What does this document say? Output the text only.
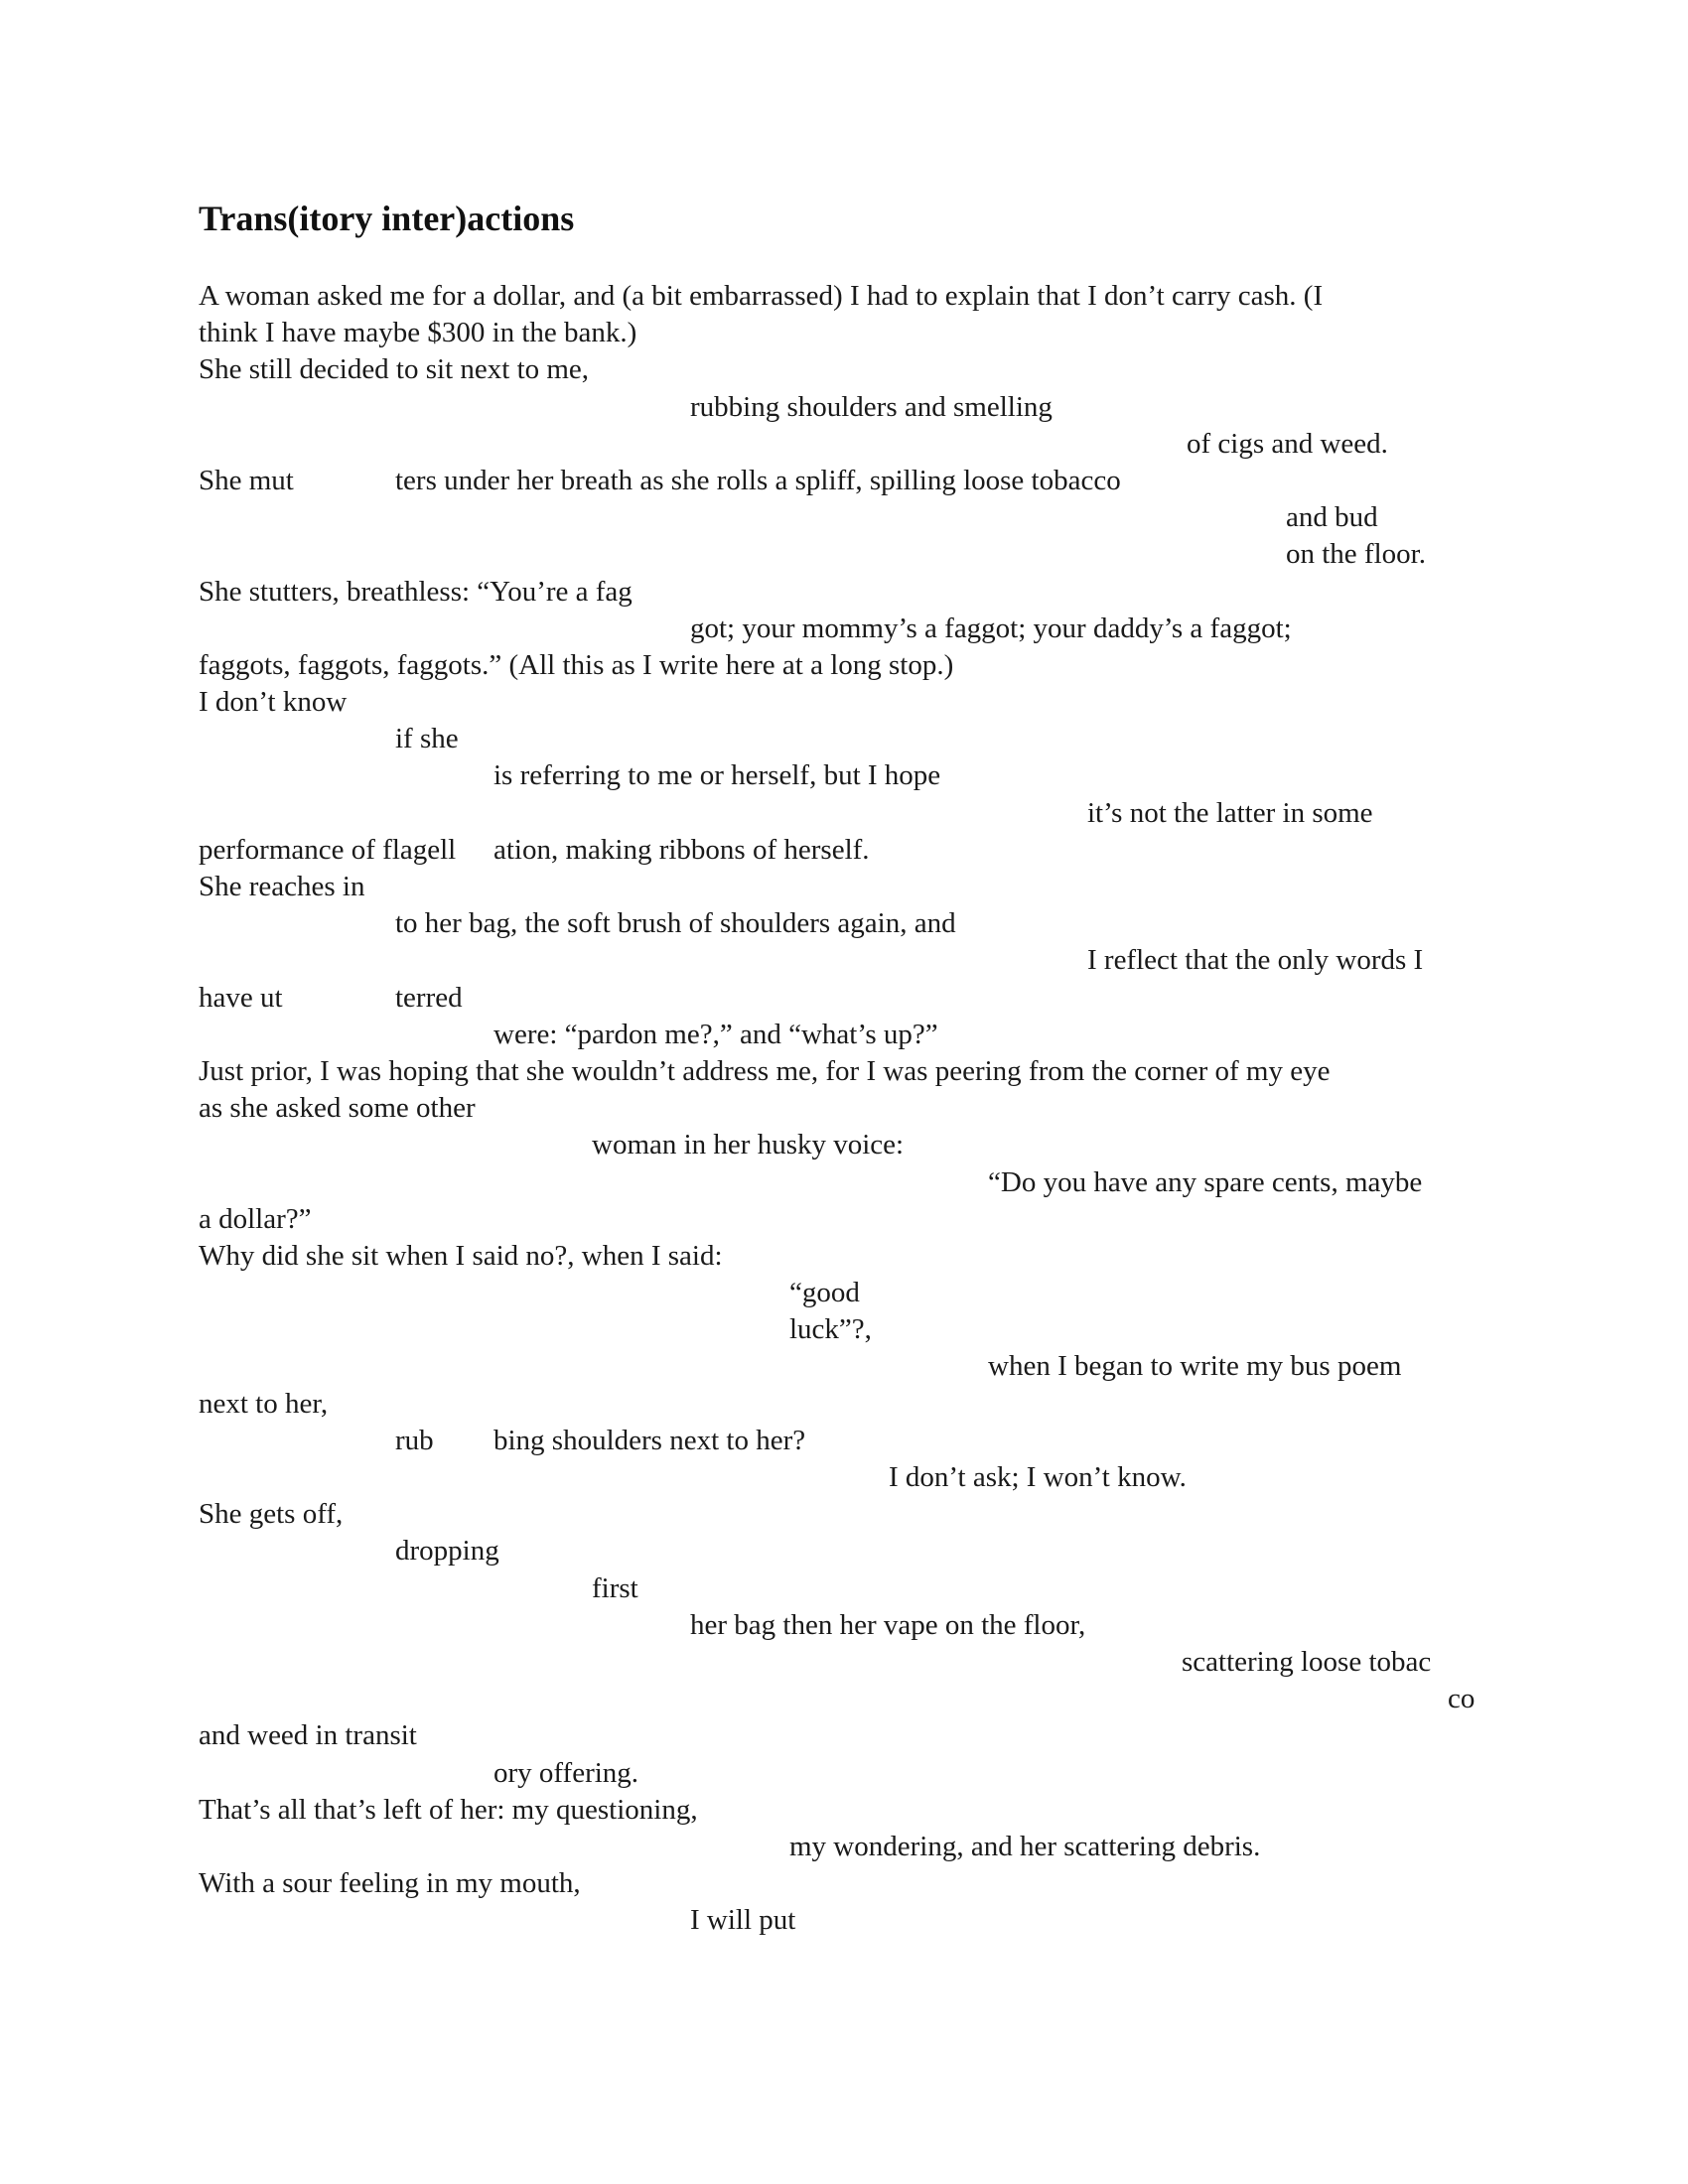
Trans(itory inter)actions
A woman asked me for a dollar, and (a bit embarrassed) I had to explain that I don’t carry cash. (I
think I have maybe $300 in the bank.)
She still decided to sit next to me,
rubbing shoulders and smelling
of cigs and weed.
She mut	ters under her breath as she rolls a spliff, spilling loose tobacco
and bud
on the floor.
She stutters, breathless: “You’re a fag
got; your mommy’s a faggot; your daddy’s a faggot;
faggots, faggots, faggots.” (All this as I write here at a long stop.)
I don’t know
if she
is referring to me or herself, but I hope
it’s not the latter in some
performance of flagell ation, making ribbons of herself.
She reaches in
to her bag, the soft brush of shoulders again, and
I reflect that the only words I
have ut	terred
were: “pardon me?,” and “what’s up?”
Just prior, I was hoping that she wouldn’t address me, for I was peering from the corner of my eye
as she asked some other
woman in her husky voice:
“Do you have any spare cents, maybe
a dollar?”
Why did she sit when I said no?, when I said:
“good
luck”?,
when I began to write my bus poem
next to her,
rub bing shoulders next to her?
I don’t ask; I won’t know.
She gets off,
dropping
first
her bag then her vape on the floor,
scattering loose tobac
co
and weed in transit
ory offering.
That’s all that’s left of her: my questioning,
my wondering, and her scattering debris.
With a sour feeling in my mouth,
I will put
